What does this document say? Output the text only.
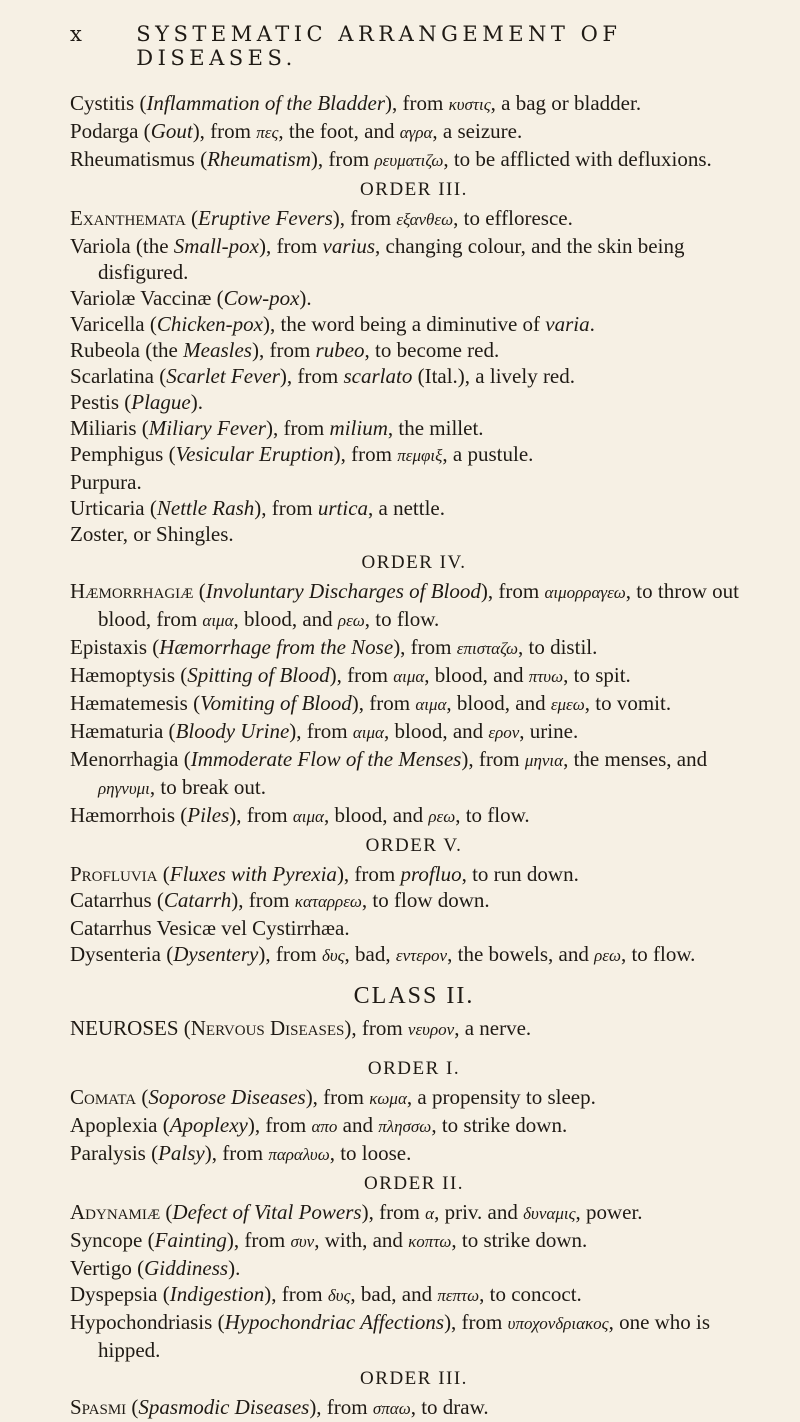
x	SYSTEMATIC ARRANGEMENT OF DISEASES.

Cystitis (Inflammation of the Bladder), from κυστις, a bag or bladder.

Podarga (Gout), from πες, the foot, and αγρα, a seizure.

Rheumatismus (Rheumatism), from ρευματιζω, to be afflicted with defluxions.

ORDER III.

Exanthemata (Eruptive Fevers), from εξανθεω, to effloresce.

Variola (the Small-pox), from varius, changing colour, and the skin being disfigured.

Variolæ Vaccinæ (Cow-pox).

Varicella (Chicken-pox), the word being a diminutive of varia.

Rubeola (the Measles), from rubeo, to become red.

Scarlatina (Scarlet Fever), from scarlato (Ital.), a lively red.

Pestis (Plague).

Miliaris (Miliary Fever), from milium, the millet.

Pemphigus (Vesicular Eruption), from πεμφιξ, a pustule.

Purpura.

Urticaria (Nettle Rash), from urtica, a nettle.

Zoster, or Shingles.

ORDER IV.

Hæmorrhagiæ (Involuntary Discharges of Blood), from αιμορραγεω, to throw out blood, from αιμα, blood, and ρεω, to flow.

Epistaxis (Hæmorrhage from the Nose), from επισταζω, to distil.

Hæmoptysis (Spitting of Blood), from αιμα, blood, and πτυω, to spit.

Hæmatemesis (Vomiting of Blood), from αιμα, blood, and εμεω, to vomit.

Hæmaturia (Bloody Urine), from αιμα, blood, and ερον, urine.

Menorrhagia (Immoderate Flow of the Menses), from μηνια, the menses, and ρηγνυμι, to break out.

Hæmorrhois (Piles), from αιμα, blood, and ρεω, to flow.

ORDER V.

Profluvia (Fluxes with Pyrexia), from profluo, to run down.

Catarrhus (Catarrh), from καταρρεω, to flow down.

Catarrhus Vesicæ vel Cystirrhæa.

Dysenteria (Dysentery), from δυς, bad, εντερον, the bowels, and ρεω, to flow.

CLASS II.

NEUROSES (Nervous Diseases), from νευρον, a nerve.

ORDER I.

Comata (Soporose Diseases), from κωμα, a propensity to sleep.

Apoplexia (Apoplexy), from απο and πλησσω, to strike down.

Paralysis (Palsy), from παραλυω, to loose.

ORDER II.

Adynamiæ (Defect of Vital Powers), from α, priv. and δυναμις, power.

Syncope (Fainting), from συν, with, and κοπτω, to strike down.

Vertigo (Giddiness).

Dyspepsia (Indigestion), from δυς, bad, and πεπτω, to concoct.

Hypochondriasis (Hypochondriac Affections), from υποχονδριακος, one who is hipped.

ORDER III.

Spasmi (Spasmodic Diseases), from σπαω, to draw.
